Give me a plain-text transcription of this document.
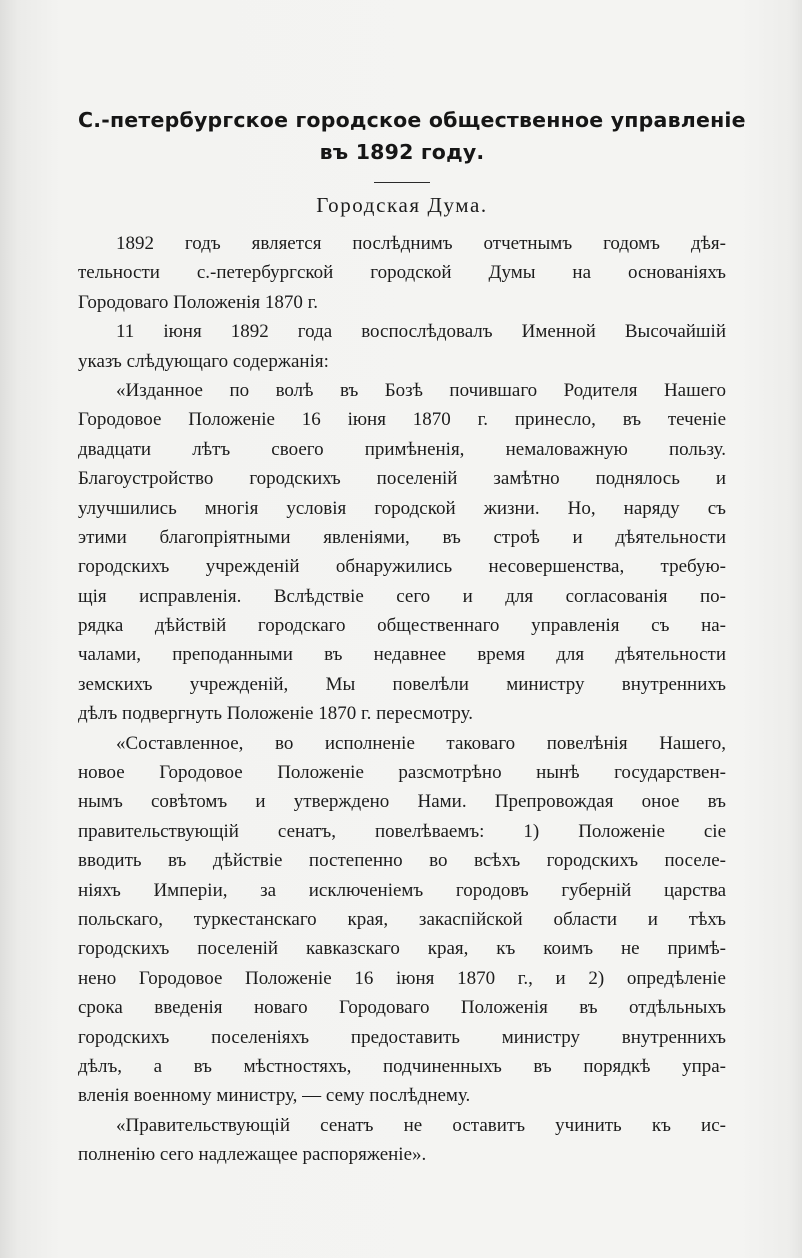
С.-петербургское городское общественное управленіе
въ 1892 году.
Городская Дума.
1892 годъ является послѣднимъ отчетнымъ годомъ дѣя-
тельности с.-петербургской городской Думы на основаніяхъ
Городоваго Положенія 1870 г.
11 іюня 1892 года воспослѣдовалъ Именной Высочайшій
указъ слѣдующаго содержанія:
«Изданное по волѣ въ Бозѣ почившаго Родителя Нашего
Городовое Положеніе 16 іюня 1870 г. принесло, въ теченіе
двадцати лѣтъ своего примѣненія, немаловажную пользу.
Благоустройство городскихъ поселеній замѣтно поднялось и
улучшились многія условія городской жизни. Но, наряду съ
этими благопріятными явленіями, въ строѣ и дѣятельности
городскихъ учрежденій обнаружились несовершенства, требую-
щія исправленія. Вслѣдствіе сего и для согласованія по-
рядка дѣйствій городскаго общественнаго управленія съ на-
чалами, преподанными въ недавнее время для дѣятельности
земскихъ учрежденій, Мы повелѣли министру внутреннихъ
дѣлъ подвергнуть Положеніе 1870 г. пересмотру.
«Составленное, во исполненіе таковаго повелѣнія Нашего,
новое Городовое Положеніе разсмотрѣно нынѣ государствен-
нымъ совѣтомъ и утверждено Нами. Препровождая оное въ
правительствующій сенатъ, повелѣваемъ: 1) Положеніе сіе
вводить въ дѣйствіе постепенно во всѣхъ городскихъ поселе-
ніяхъ Имперіи, за исключеніемъ городовъ губерній царства
польскаго, туркестанскаго края, закаспійской области и тѣхъ
городскихъ поселеній кавказскаго края, къ коимъ не примѣ-
нено Городовое Положеніе 16 іюня 1870 г., и 2) опредѣленіе
срока введенія новаго Городоваго Положенія въ отдѣльныхъ
городскихъ поселеніяхъ предоставить министру внутреннихъ
дѣлъ, а въ мѣстностяхъ, подчиненныхъ въ порядкѣ упра-
вленія военному министру, — сему послѣднему.
«Правительствующій сенатъ не оставитъ учинить къ ис-
полненію сего надлежащее распоряженіе».
